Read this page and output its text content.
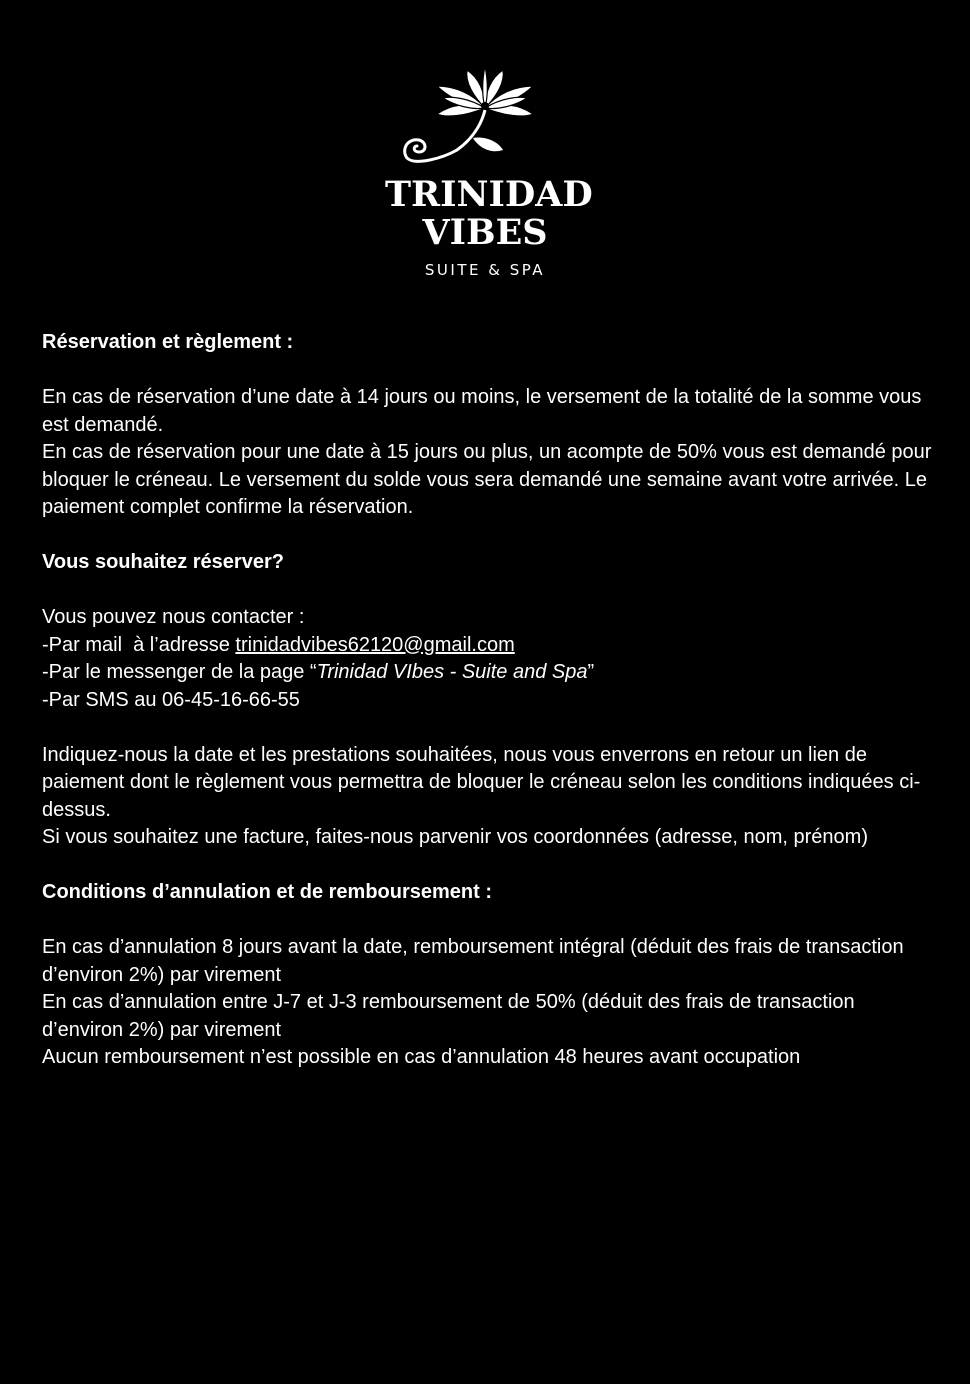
TRINIDAD
VIBES
SUITE & SPA

Réservation et règlement :

En cas de réservation d’une date à 14 jours ou moins, le versement de la totalité de la somme vous est demandé.

En cas de réservation pour une date à 15 jours ou plus, un acompte de 50% vous est demandé pour bloquer le créneau. Le versement du solde vous sera demandé une semaine avant votre arrivée. Le paiement complet confirme la réservation.

Vous souhaitez réserver?

Vous pouvez nous contacter :

-Par mail  à l’adresse trinidadvibes62120@gmail.com

-Par le messenger de la page “Trinidad VIbes - Suite and Spa”

-Par SMS au 06-45-16-66-55

Indiquez-nous la date et les prestations souhaitées, nous vous enverrons en retour un lien de paiement dont le règlement vous permettra de bloquer le créneau selon les conditions indiquées ci-dessus.

Si vous souhaitez une facture, faites-nous parvenir vos coordonnées (adresse, nom, prénom)

Conditions d’annulation et de remboursement :

En cas d’annulation 8 jours avant la date, remboursement intégral (déduit des frais de transaction d’environ 2%) par virement

En cas d’annulation entre J-7 et J-3 remboursement de 50% (déduit des frais de transaction d’environ 2%) par virement

Aucun remboursement n’est possible en cas d’annulation 48 heures avant occupation
